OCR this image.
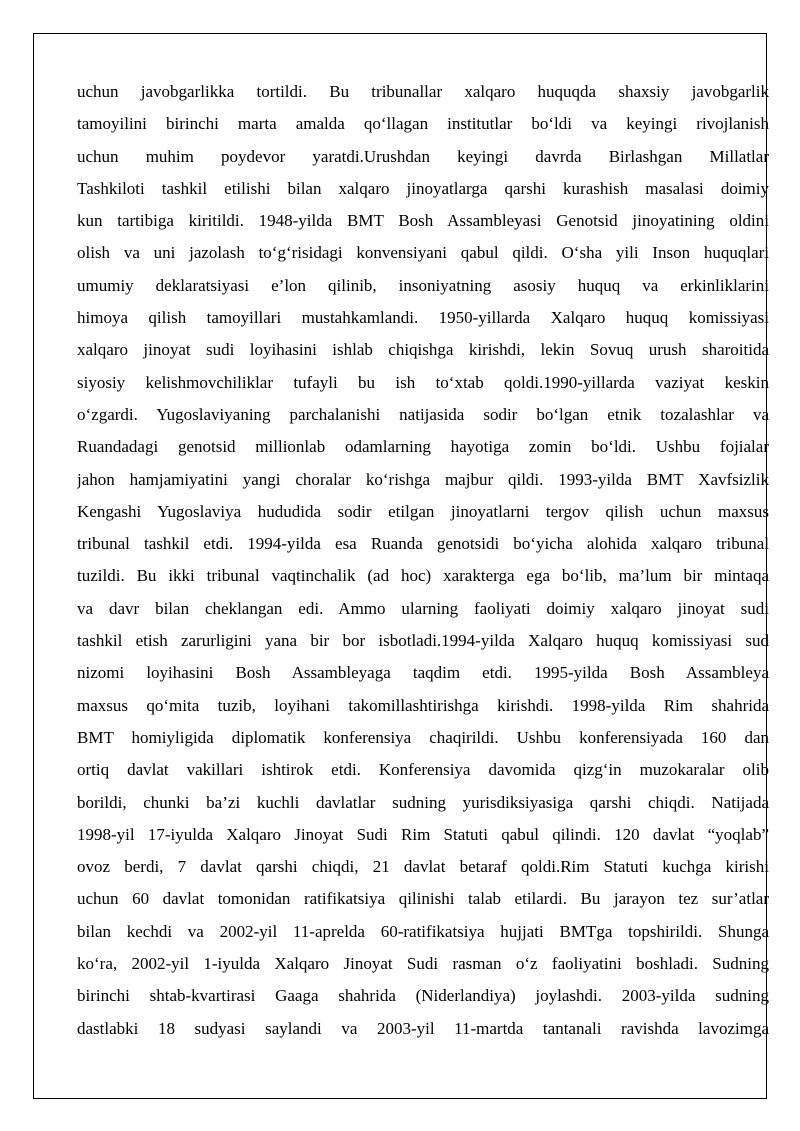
uchun javobgarlikka tortildi. Bu tribunallar xalqaro huquqda shaxsiy javobgarlik
tamoyilini birinchi marta amalda qo‘llagan institutlar bo‘ldi va keyingi rivojlanish
uchun muhim poydevor yaratdi.Urushdan keyingi davrda Birlashgan Millatlar
Tashkiloti tashkil etilishi bilan xalqaro jinoyatlarga qarshi kurashish masalasi doimiy
kun tartibiga kiritildi. 1948-yilda BMT Bosh Assambleyasi Genotsid jinoyatining oldini
olish va uni jazolash to‘g‘risidagi konvensiyani qabul qildi. O‘sha yili Inson huquqlari
umumiy deklaratsiyasi e’lon qilinib, insoniyatning asosiy huquq va erkinliklarini
himoya qilish tamoyillari mustahkamlandi. 1950-yillarda Xalqaro huquq komissiyasi
xalqaro jinoyat sudi loyihasini ishlab chiqishga kirishdi, lekin Sovuq urush sharoitida
siyosiy kelishmovchiliklar tufayli bu ish to‘xtab qoldi.1990-yillarda vaziyat keskin
o‘zgardi. Yugoslaviyaning parchalanishi natijasida sodir bo‘lgan etnik tozalashlar va
Ruandadagi genotsid millionlab odamlarning hayotiga zomin bo‘ldi. Ushbu fojialar
jahon hamjamiyatini yangi choralar ko‘rishga majbur qildi. 1993-yilda BMT Xavfsizlik
Kengashi Yugoslaviya hududida sodir etilgan jinoyatlarni tergov qilish uchun maxsus
tribunal tashkil etdi. 1994-yilda esa Ruanda genotsidi bo‘yicha alohida xalqaro tribunal
tuzildi. Bu ikki tribunal vaqtinchalik (ad hoc) xarakterga ega bo‘lib, ma’lum bir mintaqa
va davr bilan cheklangan edi. Ammo ularning faoliyati doimiy xalqaro jinoyat sudi
tashkil etish zarurligini yana bir bor isbotladi.1994-yilda Xalqaro huquq komissiyasi sud
nizomi loyihasini Bosh Assambleyaga taqdim etdi. 1995-yilda Bosh Assambleya
maxsus qo‘mita tuzib, loyihani takomillashtirishga kirishdi. 1998-yilda Rim shahrida
BMT homiyligida diplomatik konferensiya chaqirildi. Ushbu konferensiyada 160 dan
ortiq davlat vakillari ishtirok etdi. Konferensiya davomida qizg‘in muzokaralar olib
borildi, chunki ba’zi kuchli davlatlar sudning yurisdiksiyasiga qarshi chiqdi. Natijada
1998-yil 17-iyulda Xalqaro Jinoyat Sudi Rim Statuti qabul qilindi. 120 davlat “yoqlab”
ovoz berdi, 7 davlat qarshi chiqdi, 21 davlat betaraf qoldi.Rim Statuti kuchga kirishi
uchun 60 davlat tomonidan ratifikatsiya qilinishi talab etilardi. Bu jarayon tez sur’atlar
bilan kechdi va 2002-yil 11-aprelda 60-ratifikatsiya hujjati BMTga topshirildi. Shunga
ko‘ra, 2002-yil 1-iyulda Xalqaro Jinoyat Sudi rasman o‘z faoliyatini boshladi. Sudning
birinchi shtab-kvartirasi Gaaga shahrida (Niderlandiya) joylashdi. 2003-yilda sudning
dastlabki 18 sudyasi saylandi va 2003-yil 11-martda tantanali ravishda lavozimga
